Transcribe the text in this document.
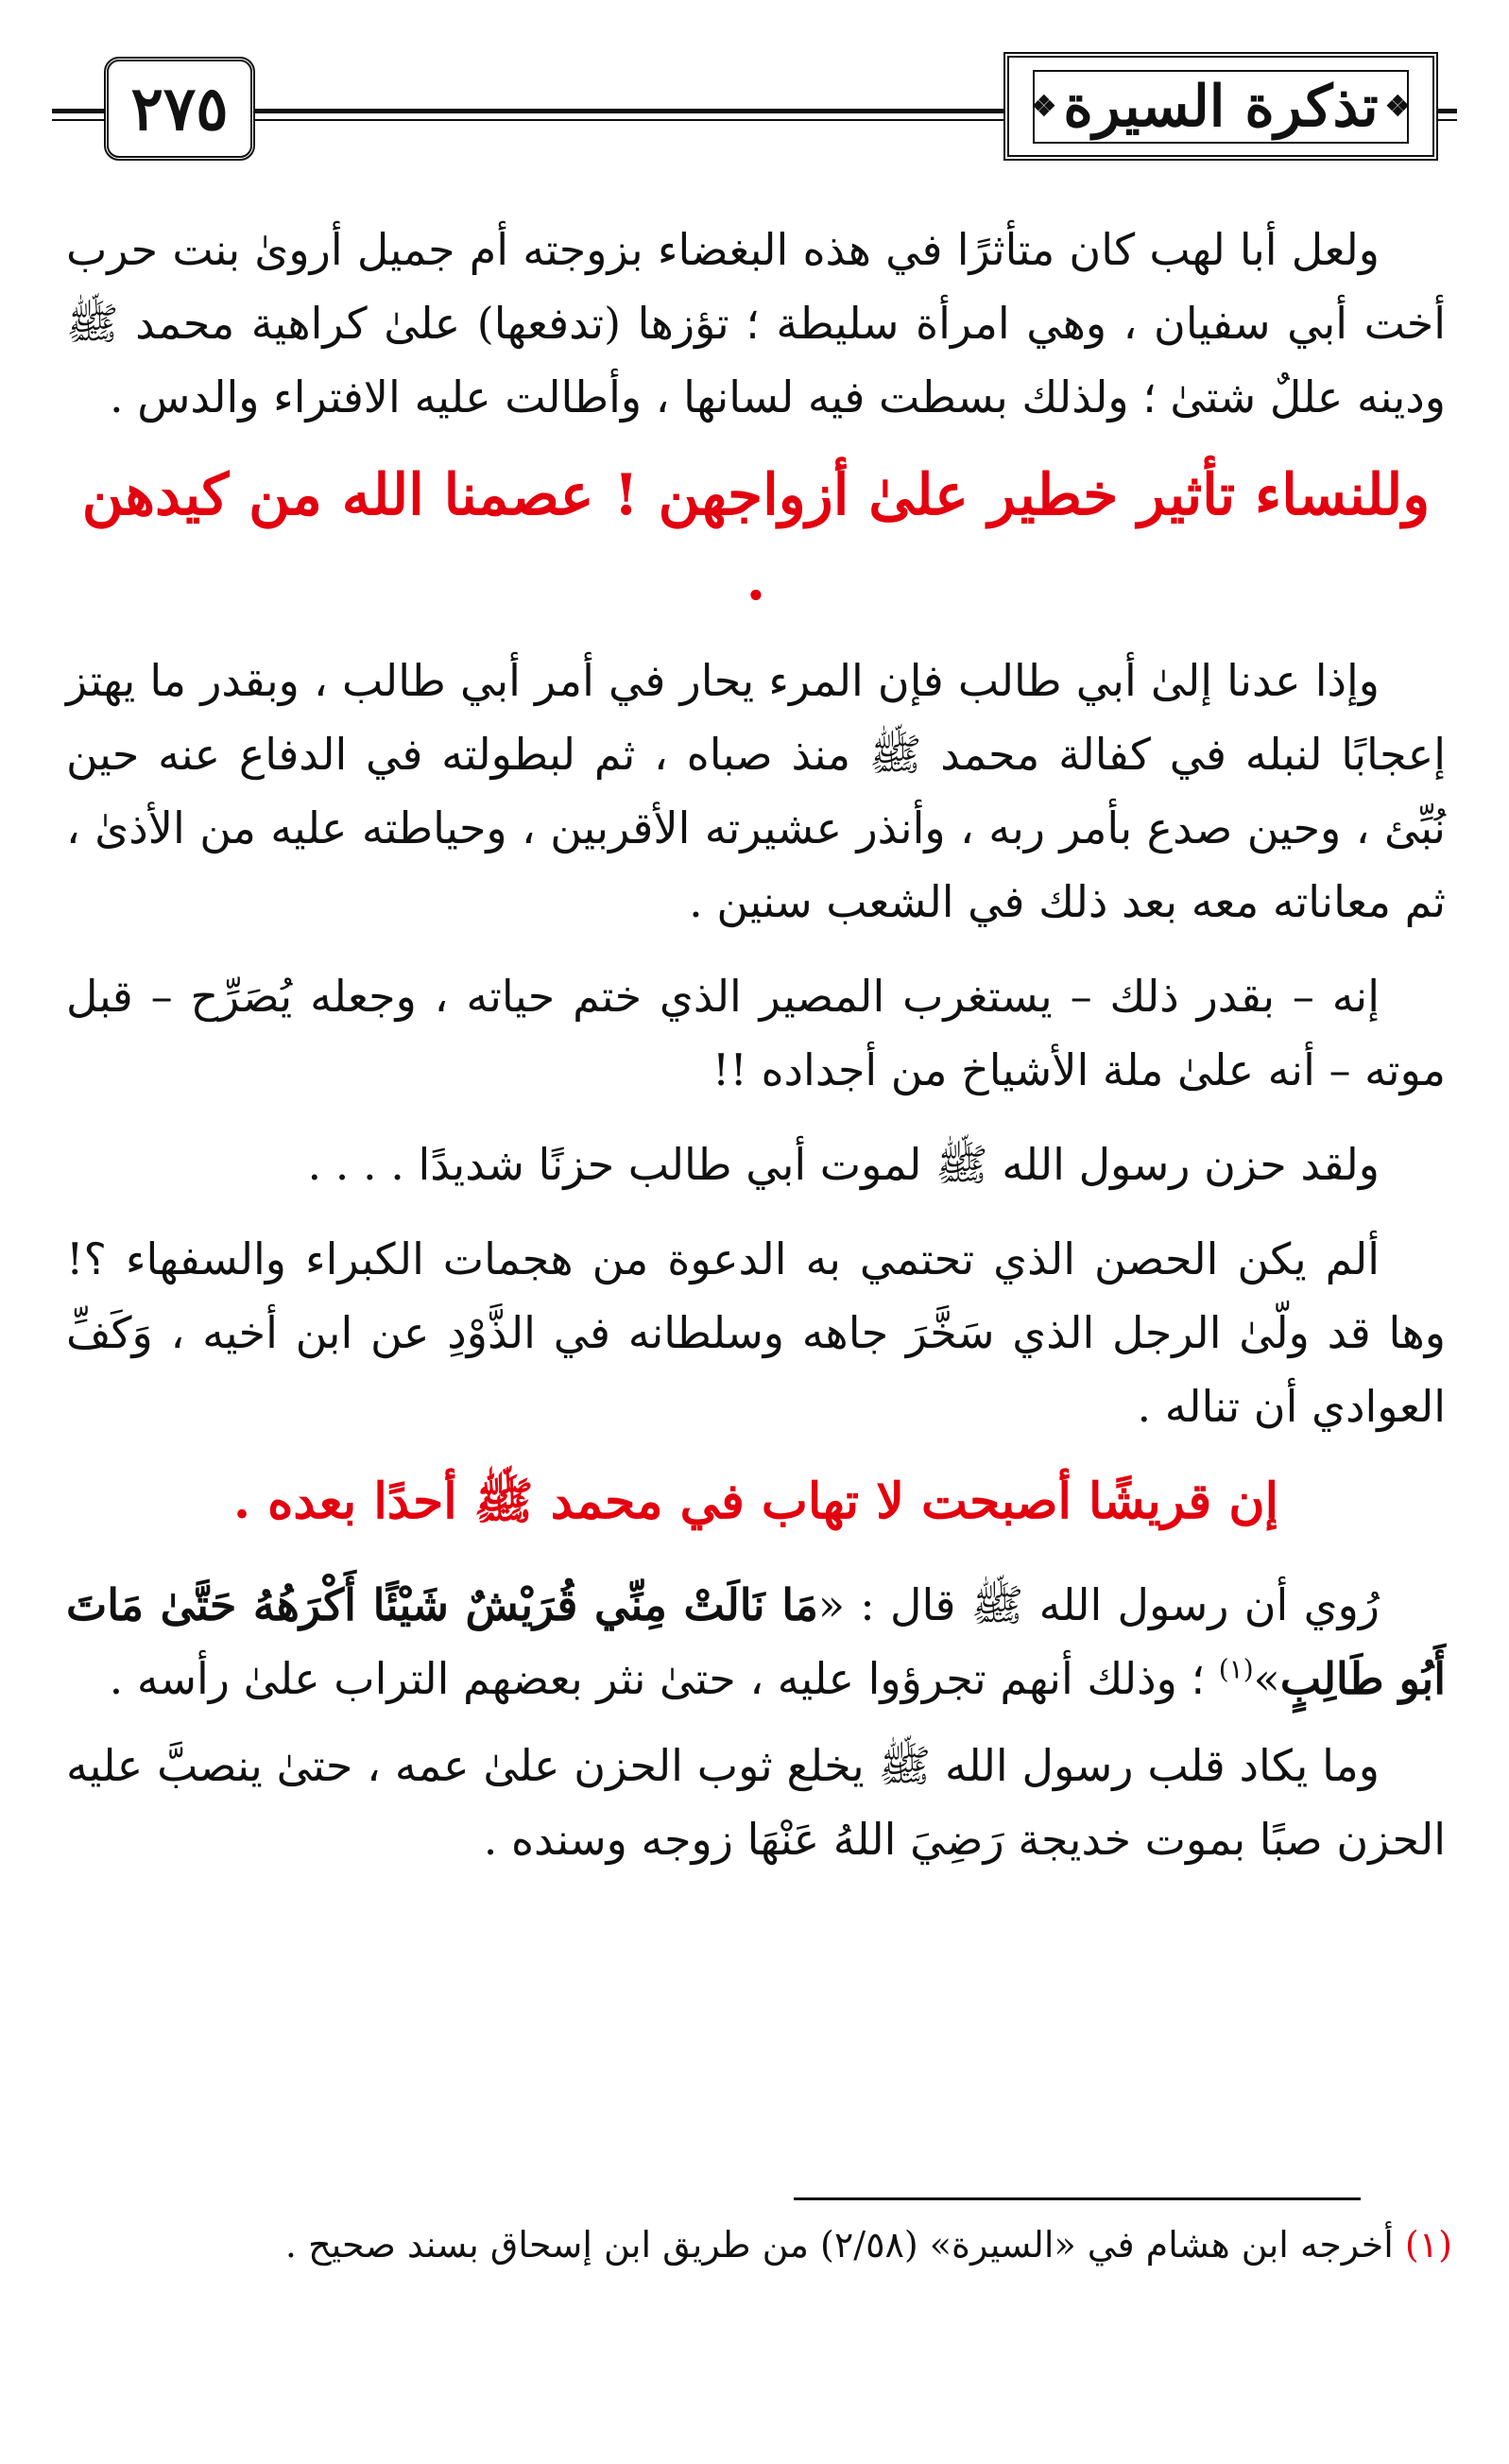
٢٧٥
❖	تذكرة السيرة ❖

ولعل أبا لهب كان متأثرًا في هذه البغضاء بزوجته أم جميل أروىٰ بنت حرب أخت أبي سفيان ، وهي امرأة سليطة ؛ تؤزها (تدفعها) علىٰ كراهية محمد ﷺ ودينه عللٌ شتىٰ ؛ ولذلك بسطت فيه لسانها ، وأطالت عليه الافتراء والدس .

وللنساء تأثير خطير علىٰ أزواجهن ! عصمنا الله من كيدهن .

وإذا عدنا إلىٰ أبي طالب فإن المرء يحار في أمر أبي طالب ، وبقدر ما يهتز إعجابًا لنبله في كفالة محمد ﷺ منذ صباه ، ثم لبطولته في الدفاع عنه حين نُبِّئ ، وحين صدع بأمر ربه ، وأنذر عشيرته الأقربين ، وحياطته عليه من الأذىٰ ، ثم معاناته معه بعد ذلك في الشعب سنين .

إنه – بقدر ذلك – يستغرب المصير الذي ختم حياته ، وجعله يُصَرِّح – قبل موته – أنه علىٰ ملة الأشياخ من أجداده !!

ولقد حزن رسول الله ﷺ لموت أبي طالب حزنًا شديدًا . . . .

ألم يكن الحصن الذي تحتمي به الدعوة من هجمات الكبراء والسفهاء ؟! وها قد ولّىٰ الرجل الذي سَخَّرَ جاهه وسلطانه في الذَّوْدِ عن ابن أخيه ، وَكَفِّ العوادي أن تناله .

إن قريشًا أصبحت لا تهاب في محمد ﷺ أحدًا بعده .

رُوي أن رسول الله ﷺ قال : «مَا نَالَتْ مِنِّي قُرَيْشٌ شَيْئًا أَكْرَهُهُ حَتَّىٰ مَاتَ أَبُو طَالِبٍ»$^{(١)}$ ؛ وذلك أنهم تجرؤوا عليه ، حتىٰ نثر بعضهم التراب علىٰ رأسه .

وما يكاد قلب رسول الله ﷺ يخلع ثوب الحزن علىٰ عمه ، حتىٰ ينصبَّ عليه الحزن صبًا بموت خديجة رَضِيَ اللهُ عَنْهَا زوجه وسنده .

(١) أخرجه ابن هشام في «السيرة» (٢/٥٨) من طريق ابن إسحاق بسند صحيح .
